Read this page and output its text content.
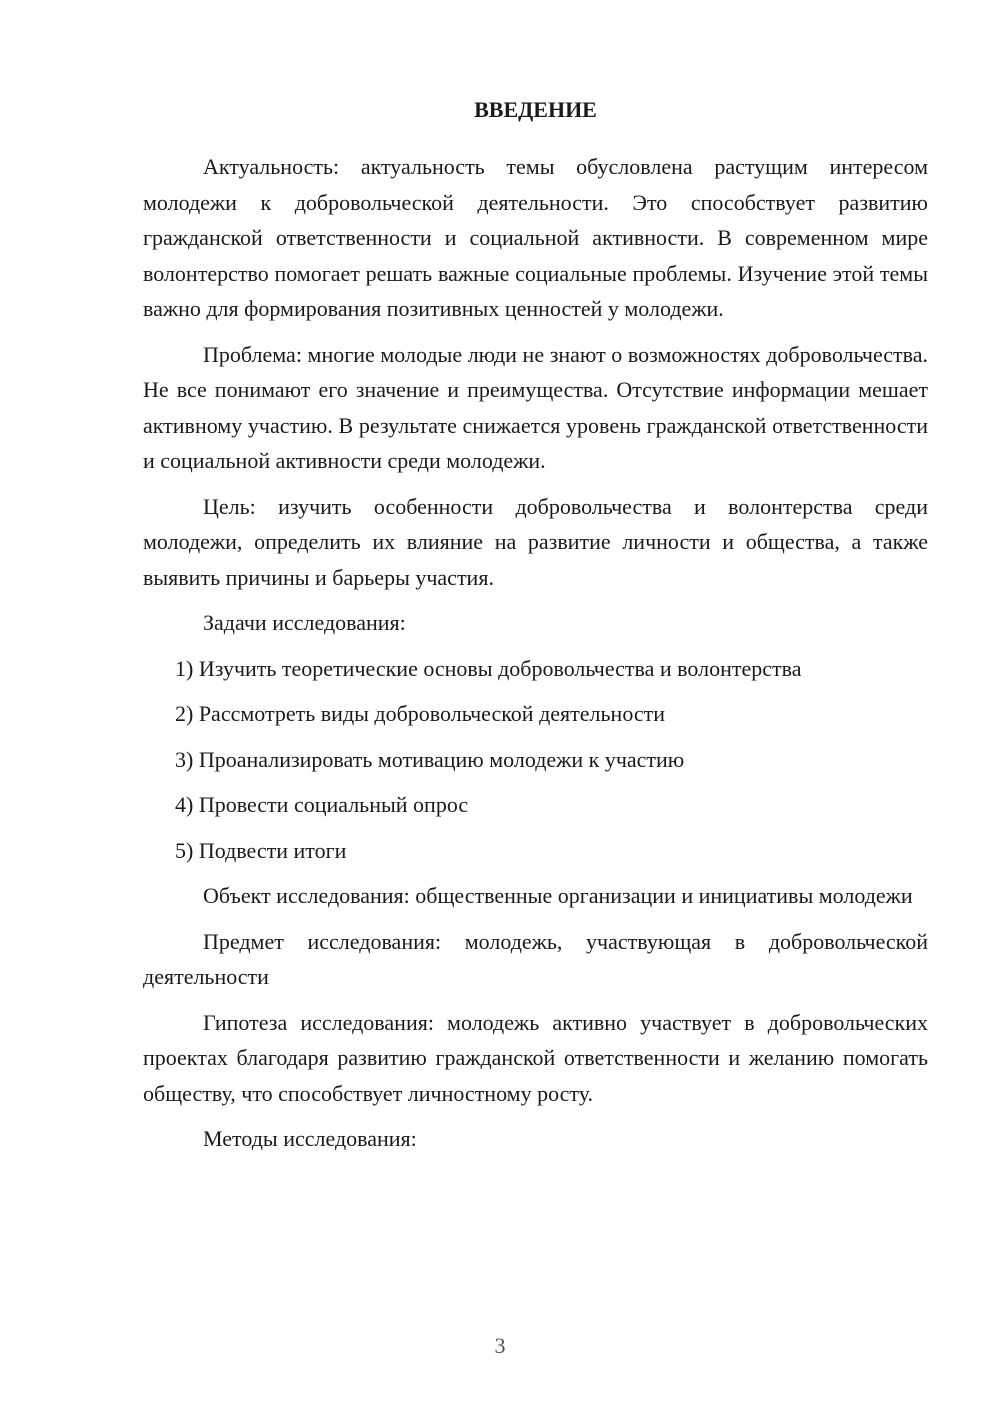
ВВЕДЕНИЕ

Актуальность: актуальность темы обусловлена растущим интересом молодежи к добровольческой деятельности. Это способствует развитию гражданской ответственности и социальной активности. В современном мире волонтерство помогает решать важные социальные проблемы. Изучение этой темы важно для формирования позитивных ценностей у молодежи.

Проблема: многие молодые люди не знают о возможностях добровольчества. Не все понимают его значение и преимущества. Отсутствие информации мешает активному участию. В результате снижается уровень гражданской ответственности и социальной активности среди молодежи.

Цель: изучить особенности добровольчества и волонтерства среди молодежи, определить их влияние на развитие личности и общества, а также выявить причины и барьеры участия.

Задачи исследования:

1) Изучить теоретические основы добровольчества и волонтерства

2) Рассмотреть виды добровольческой деятельности

3) Проанализировать мотивацию молодежи к участию

4) Провести социальный опрос

5) Подвести итоги

Объект исследования: общественные организации и инициативы молодежи

Предмет исследования: молодежь, участвующая в добровольческой деятельности

Гипотеза исследования: молодежь активно участвует в добровольческих проектах благодаря развитию гражданской ответственности и желанию помогать обществу, что способствует личностному росту.

Методы исследования:

3
